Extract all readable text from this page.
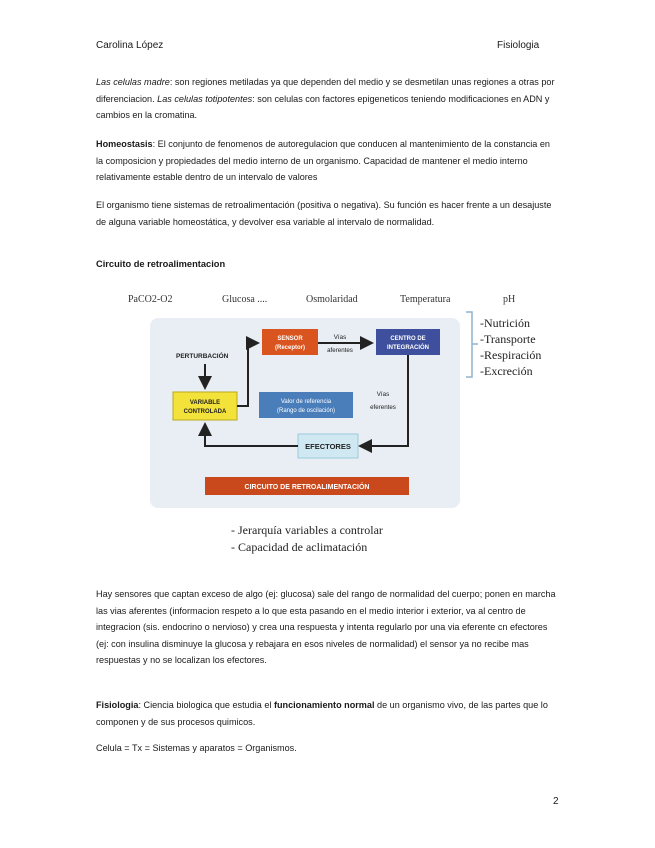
Carolina López	Fisiologia

Las celulas madre: son regiones metiladas ya que dependen del medio y se desmetilan unas regiones a otras por diferenciacion. Las celulas totipotentes: son celulas con factores epigeneticos teniendo modificaciones en ADN y cambios en la cromatina.

Homeostasis: El conjunto de fenomenos de autoregulacion que conducen al mantenimiento de la constancia en la composicion y propiedades del medio interno de un organismo. Capacidad de mantener el medio interno relativamente estable dentro de un intervalo de valores

El organismo tiene sistemas de retroalimentación (positiva o negativa). Su función es hacer frente a un desajuste de alguna variable homeostática, y devolver esa variable al intervalo de normalidad.

Circuito de retroalimentacion
PaCO2-O2	Glucosa ....	Osmolaridad	Temperatura	pH
PERTURBACIÓN
VARIABLE
CONTROLADA
SENSOR
(Receptor)
Vías
aferentes
CENTRO DE
INTEGRACIÓN
Valor de referencia
(Rango de oscilación)
Vías
eferentes
EFECTORES
CIRCUITO DE RETROALIMENTACIÓN
-Nutrición
-Transporte
-Respiración
-Excreción
- Jerarquía variables a controlar
- Capacidad de aclimatación

Hay sensores que captan exceso de algo (ej: glucosa) sale del rango de normalidad del cuerpo; ponen en marcha las vias aferentes (informacion respeto a lo que esta pasando en el medio interior i exterior, va al centro de integracion (sis. endocrino o nervioso) y crea una respuesta y intenta regularlo por una via eferente cn efectores (ej: con insulina disminuye la glucosa y rebajara en esos niveles de normalidad) el sensor ya no recibe mas respuestas y no se localizan los efectores.

Fisiologia: Ciencia biologica que estudia el funcionamiento normal de un organismo vivo, de las partes que lo componen y de sus procesos quimicos.

Celula = Tx = Sistemas y aparatos = Organismos.

2
